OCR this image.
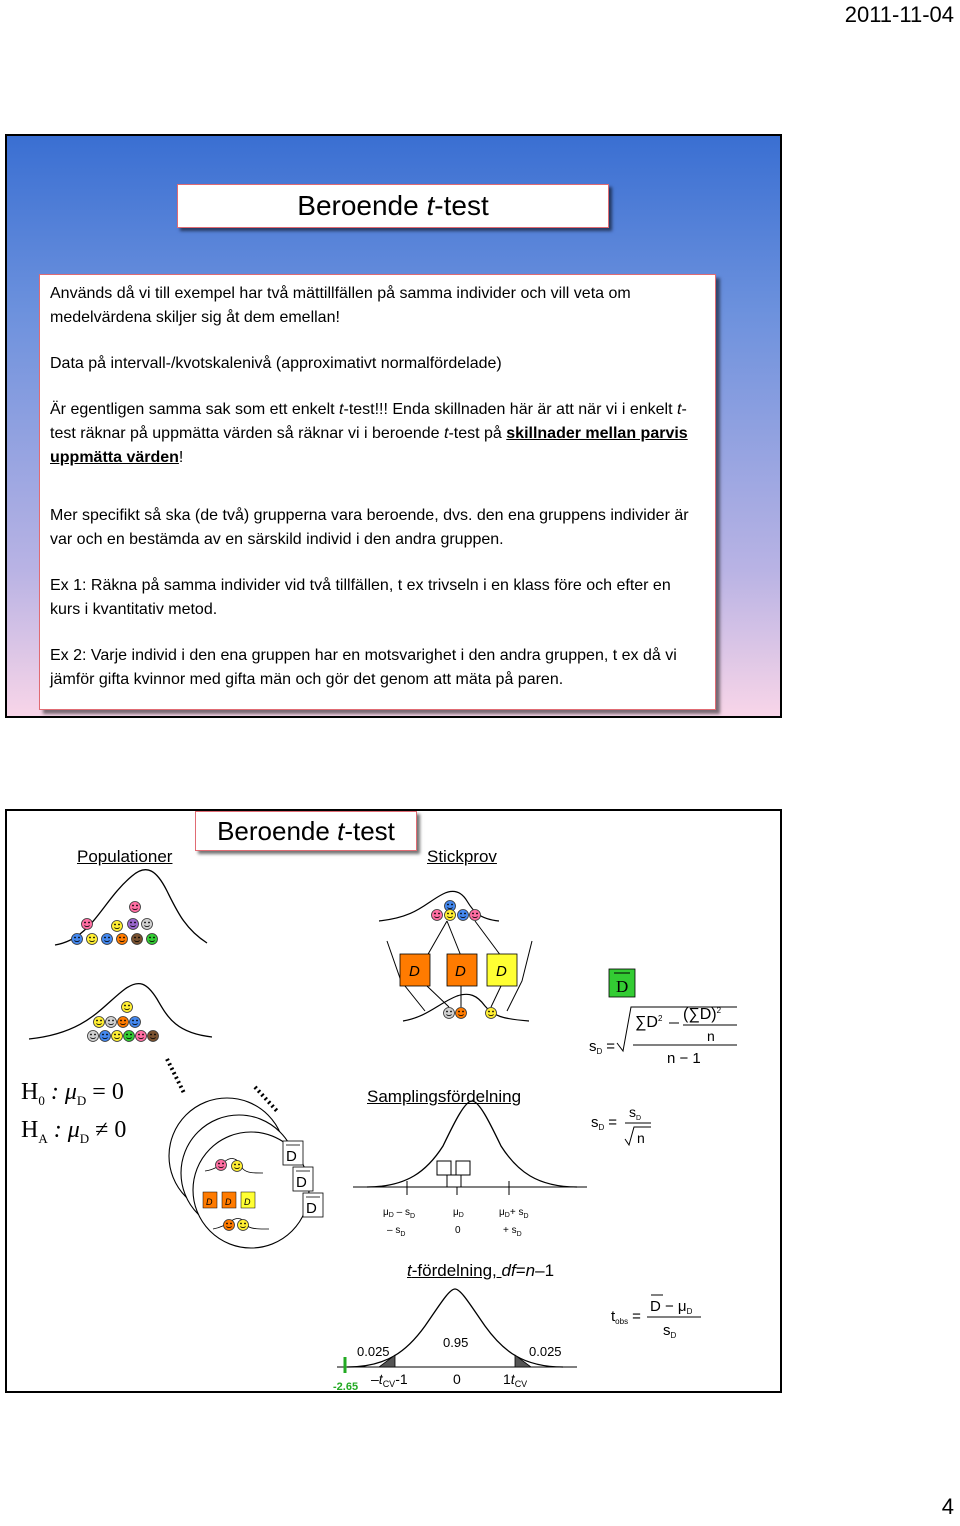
2011-11-04
Beroende t-test

Används då vi till exempel har två mättillfällen på samma individer och vill veta om medelvärdena skiljer sig åt dem emellan!

Data på intervall-/kvotskalenivå (approximativt normalfördelade)

Är egentligen samma sak som ett enkelt t-test!!! Enda skillnaden här är att när vi i enkelt t-test räknar på uppmätta värden så räknar vi i beroende t-test på skillnader mellan parvis uppmätta värden!

Mer specifikt så ska (de två) grupperna vara beroende, dvs. den ena gruppens individer är var och en bestämda av en särskild individ i den andra gruppen.

Ex 1: Räkna på samma individer vid två tillfällen, t ex trivseln i en klass före och efter en kurs i kvantitativ metod.

Ex 2: Varje individ i den ena gruppen har en motsvarighet i den andra gruppen, t ex då vi jämför gifta kvinnor med gifta män och gör det genom att mäta på paren.

Beroende t-test
Populationer	Stickprov
Samplingsfördelning
t-fördelning, df=n–1
$H_0$ : $\mu_D = 0$
$H_A$ : $\mu_D \ne 0$
D D D
D
D D D
D
D
D	$\mu_D - s_D$
– $s_D$
$\mu_D$
0
$\mu_D+ s_D$
+ $s_D$
0.025
0.95
0.025
-2.65 $-t_{CV}-1$	0	$1t_{CV}$
$s_D$ =
$\sum D^2$ $(\sum D)^2$
n
n − 1
$s_D$ =
$s_D$
n
$t_{obs}$ =
$D - \mu_D$
$s_D$
4
